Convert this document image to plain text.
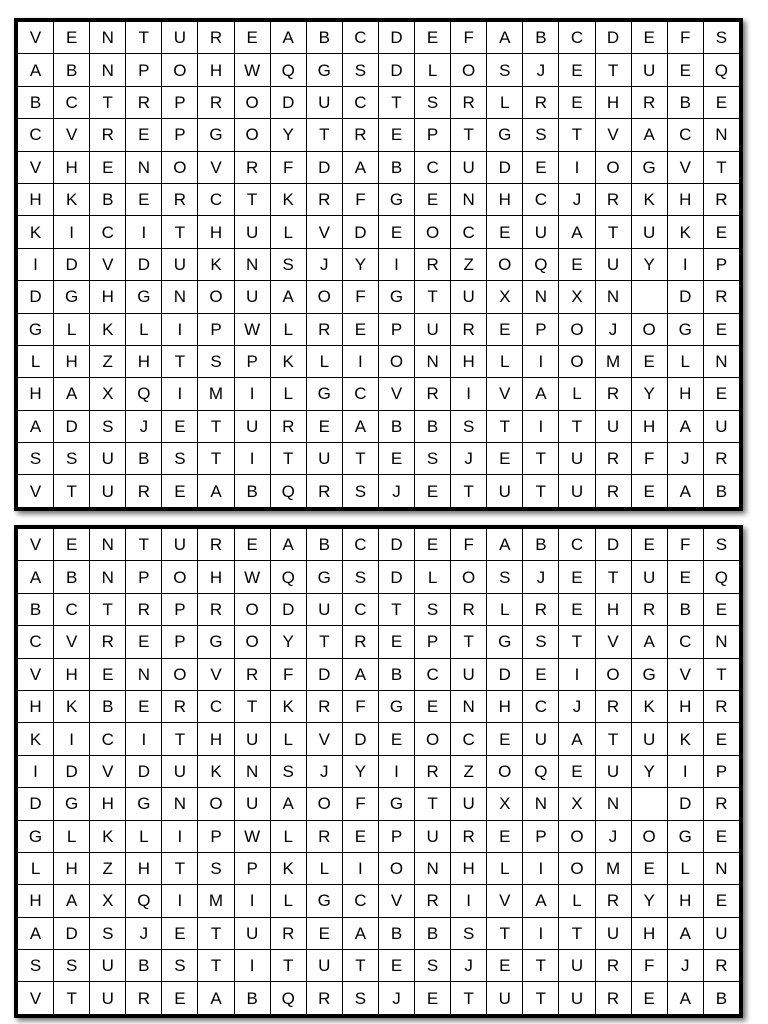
V	E	N	T	U	R	E	A	B	C	D	E	F	A	B	C	D	E	F	S
A	B	N	P	O	H	W	Q	G	S	D	L	O	S	J	E	T	U	E	Q
B	C	T	R	P	R	O	D	U	C	T	S	R	L	R	E	H	R	B	E
C	V	R	E	P	G	O	Y	T	R	E	P	T	G	S	T	V	A	C	N
V	H	E	N	O	V	R	F	D	A	B	C	U	D	E	I	O	G	V	T
H	K	B	E	R	C	T	K	R	F	G	E	N	H	C	J	R	K	H	R
K	I	C	I	T	H	U	L	V	D	E	O	C	E	U	A	T	U	K	E
I	D	V	D	U	K	N	S	J	Y	I	R	Z	O	Q	E	U	Y	I	P
D	G	H	G	N	O	U	A	O	F	G	T	U	X	N	X	N		D	R
G	L	K	L	I	P	W	L	R	E	P	U	R	E	P	O	J	O	G	E
L	H	Z	H	T	S	P	K	L	I	O	N	H	L	I	O	M	E	L	N
H	A	X	Q	I	M	I	L	G	C	V	R	I	V	A	L	R	Y	H	E
A	D	S	J	E	T	U	R	E	A	B	B	S	T	I	T	U	H	A	U
S	S	U	B	S	T	I	T	U	T	E	S	J	E	T	U	R	F	J	R
V	T	U	R	E	A	B	Q	R	S	J	E	T	U	T	U	R	E	A	B
V	E	N	T	U	R	E	A	B	C	D	E	F	A	B	C	D	E	F	S
A	B	N	P	O	H	W	Q	G	S	D	L	O	S	J	E	T	U	E	Q
B	C	T	R	P	R	O	D	U	C	T	S	R	L	R	E	H	R	B	E
C	V	R	E	P	G	O	Y	T	R	E	P	T	G	S	T	V	A	C	N
V	H	E	N	O	V	R	F	D	A	B	C	U	D	E	I	O	G	V	T
H	K	B	E	R	C	T	K	R	F	G	E	N	H	C	J	R	K	H	R
K	I	C	I	T	H	U	L	V	D	E	O	C	E	U	A	T	U	K	E
I	D	V	D	U	K	N	S	J	Y	I	R	Z	O	Q	E	U	Y	I	P
D	G	H	G	N	O	U	A	O	F	G	T	U	X	N	X	N		D	R
G	L	K	L	I	P	W	L	R	E	P	U	R	E	P	O	J	O	G	E
L	H	Z	H	T	S	P	K	L	I	O	N	H	L	I	O	M	E	L	N
H	A	X	Q	I	M	I	L	G	C	V	R	I	V	A	L	R	Y	H	E
A	D	S	J	E	T	U	R	E	A	B	B	S	T	I	T	U	H	A	U
S	S	U	B	S	T	I	T	U	T	E	S	J	E	T	U	R	F	J	R
V	T	U	R	E	A	B	Q	R	S	J	E	T	U	T	U	R	E	A	B
